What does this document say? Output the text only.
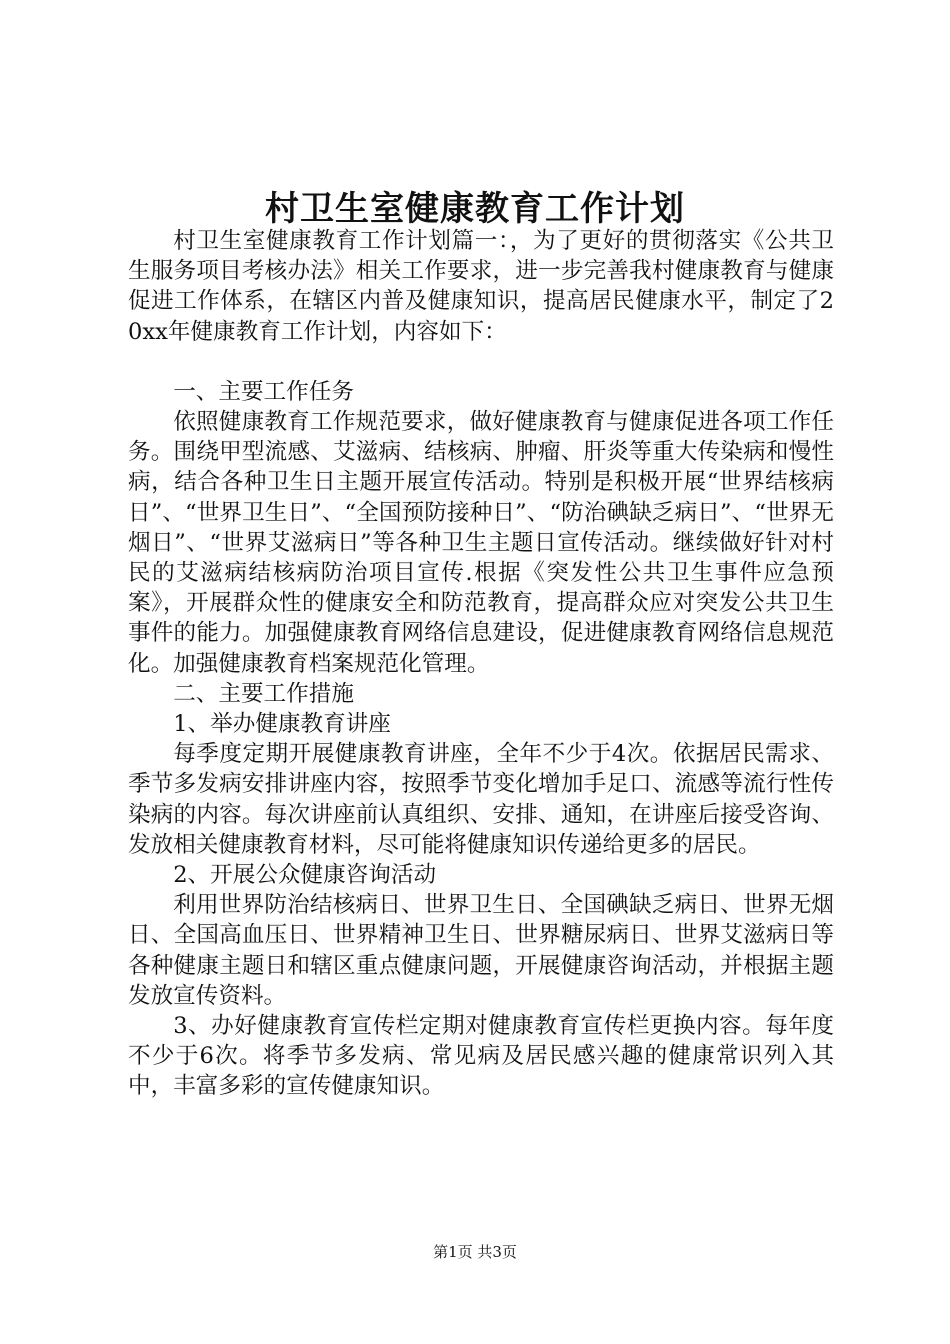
村卫生室健康教育工作计划

村卫生室健康教育工作计划篇一：，为了更好的贯彻落实《公共卫生服务项目考核办法》相关工作要求，进一步完善我村健康教育与健康促进工作体系，在辖区内普及健康知识，提高居民健康水平，制定了20xx年健康教育工作计划，内容如下：

一、主要工作任务

依照健康教育工作规范要求，做好健康教育与健康促进各项工作任务。围绕甲型流感、艾滋病、结核病、肿瘤、肝炎等重大传染病和慢性病，结合各种卫生日主题开展宣传活动。特别是积极开展“世界结核病日”、“世界卫生日”、“全国预防接种日”、“防治碘缺乏病日”、“世界无烟日”、“世界艾滋病日”等各种卫生主题日宣传活动。继续做好针对村民的艾滋病结核病防治项目宣传.根据《突发性公共卫生事件应急预案》，开展群众性的健康安全和防范教育，提高群众应对突发公共卫生事件的能力。加强健康教育网络信息建设，促进健康教育网络信息规范化。加强健康教育档案规范化管理。

二、主要工作措施

1、举办健康教育讲座

每季度定期开展健康教育讲座，全年不少于4次。依据居民需求、季节多发病安排讲座内容，按照季节变化增加手足口、流感等流行性传染病的内容。每次讲座前认真组织、安排、通知，在讲座后接受咨询、发放相关健康教育材料，尽可能将健康知识传递给更多的居民。

2、开展公众健康咨询活动

利用世界防治结核病日、世界卫生日、全国碘缺乏病日、世界无烟日、全国高血压日、世界精神卫生日、世界糖尿病日、世界艾滋病日等各种健康主题日和辖区重点健康问题，开展健康咨询活动，并根据主题发放宣传资料。

3、办好健康教育宣传栏定期对健康教育宣传栏更换内容。每年度不少于6次。将季节多发病、常见病及居民感兴趣的健康常识列入其中，丰富多彩的宣传健康知识。

第1页 共3页
